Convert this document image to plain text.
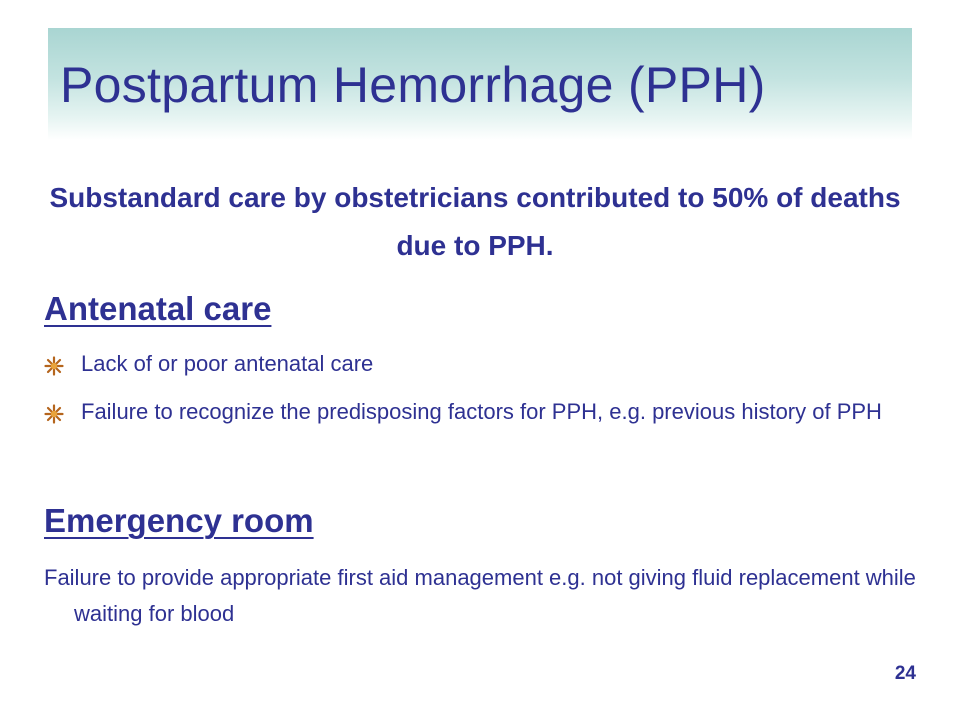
Postpartum Hemorrhage (PPH)

Substandard care by obstetricians contributed to 50% of deaths due to PPH.

Antenatal care
Lack of or poor antenatal care
Failure to recognize the predisposing factors for PPH, e.g. previous history of PPH
Emergency room

Failure to provide appropriate first aid management e.g. not giving fluid replacement while waiting for blood

24
